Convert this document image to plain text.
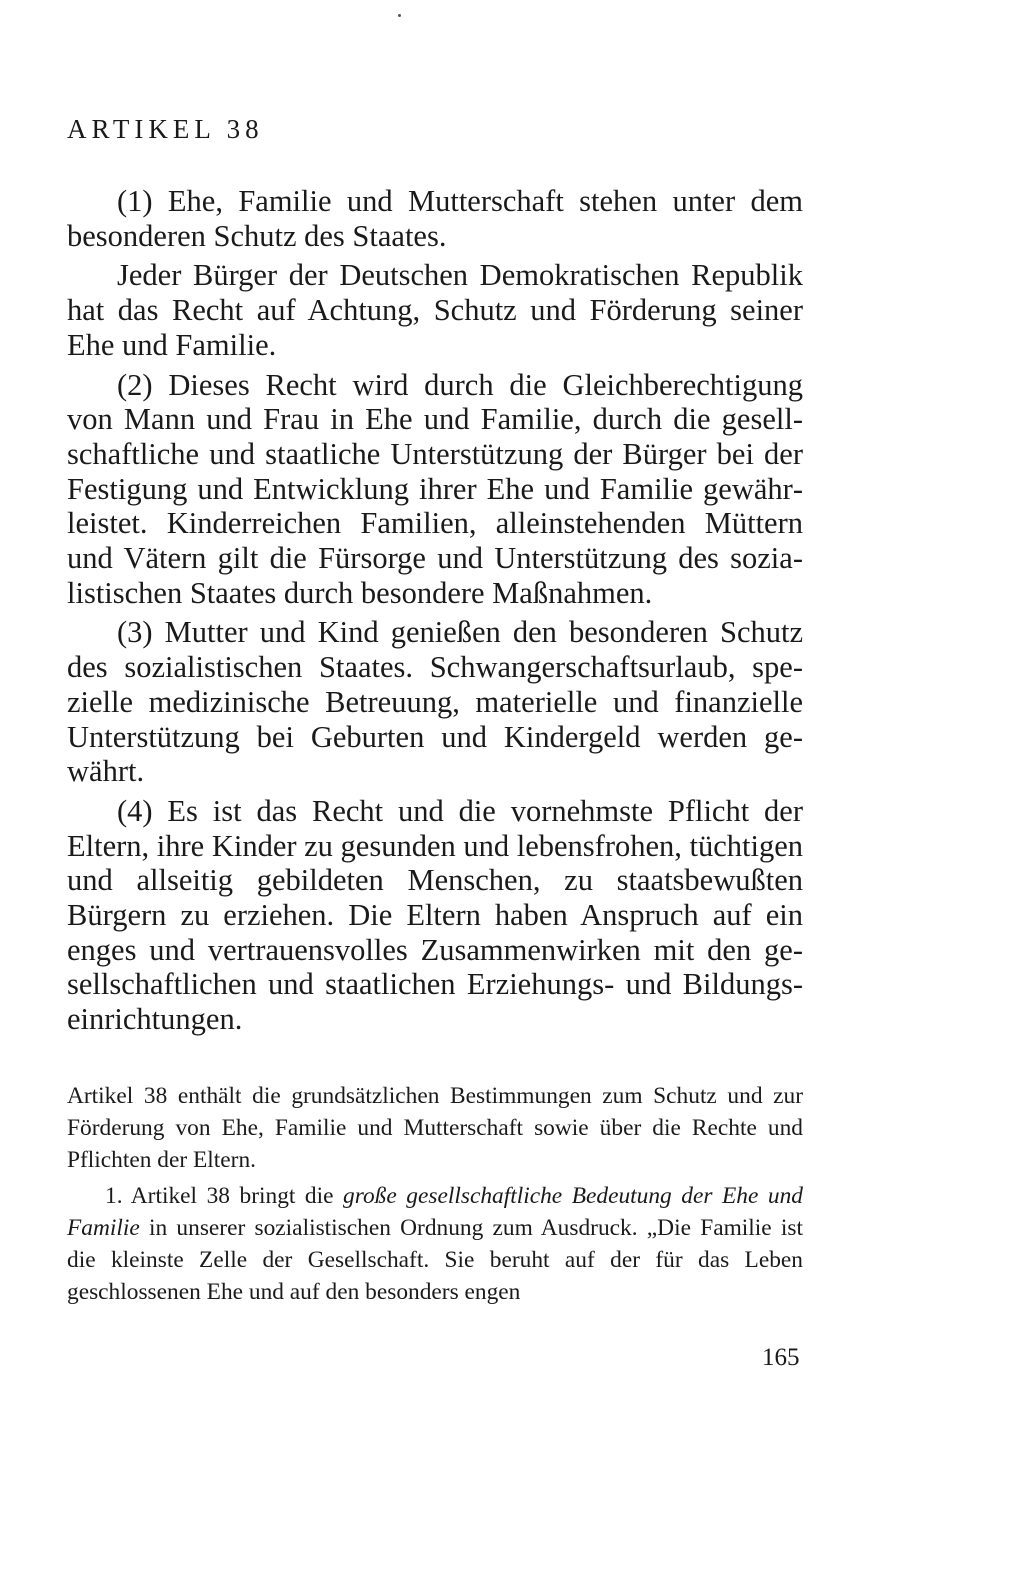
ARTIKEL 38

(1) Ehe, Familie und Mutterschaft stehen unter dem besonderen Schutz des Staates.

Jeder Bürger der Deutschen Demokratischen Republik hat das Recht auf Achtung, Schutz und Förderung seiner Ehe und Familie.

(2) Dieses Recht wird durch die Gleichberechtigung von Mann und Frau in Ehe und Familie, durch die gesellschaftliche und staatliche Unterstützung der Bürger bei der Festigung und Entwicklung ihrer Ehe und Familie gewährleistet. Kinderreichen Familien, alleinstehenden Müttern und Vätern gilt die Fürsorge und Unterstützung des sozialistischen Staates durch besondere Maßnahmen.

(3) Mutter und Kind genießen den besonderen Schutz des sozialistischen Staates. Schwangerschaftsurlaub, spezielle medizinische Betreuung, materielle und finanzielle Unterstützung bei Geburten und Kindergeld werden gewährt.

(4) Es ist das Recht und die vornehmste Pflicht der Eltern, ihre Kinder zu gesunden und lebensfrohen, tüchtigen und allseitig gebildeten Menschen, zu staatsbewußten Bürgern zu erziehen. Die Eltern haben Anspruch auf ein enges und vertrauensvolles Zusammenwirken mit den gesellschaftlichen und staatlichen Erziehungs- und Bildungseinrichtungen.

Artikel 38 enthält die grundsätzlichen Bestimmungen zum Schutz und zur Förderung von Ehe, Familie und Mutterschaft sowie über die Rechte und Pflichten der Eltern.

1. Artikel 38 bringt die große gesellschaftliche Bedeutung der Ehe und Familie in unserer sozialistischen Ordnung zum Ausdruck. „Die Familie ist die kleinste Zelle der Gesellschaft. Sie beruht auf der für das Leben geschlossenen Ehe und auf den besonders engen

165
